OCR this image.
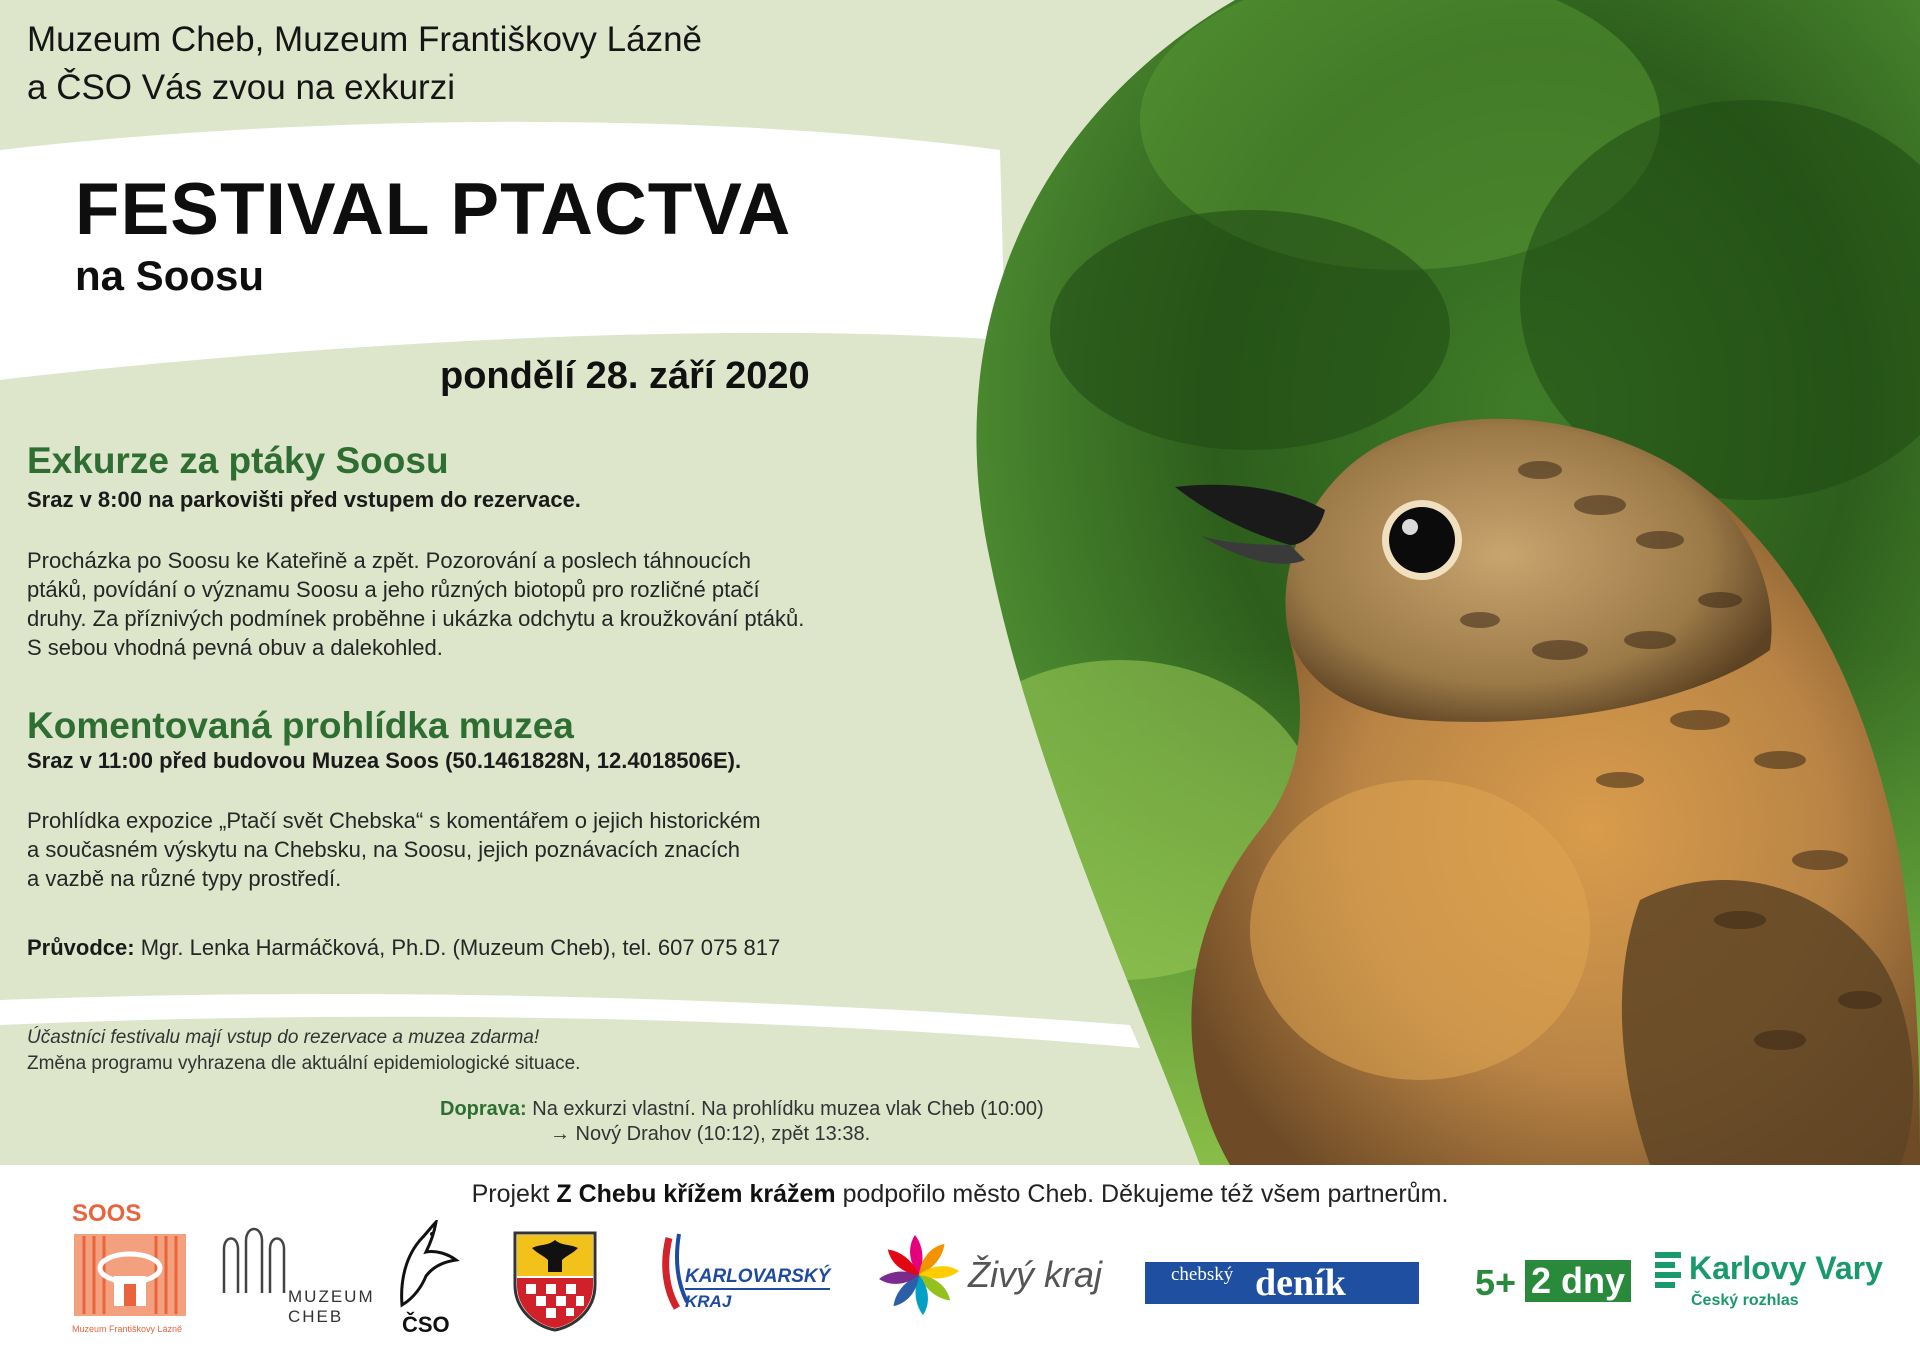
Muzeum Cheb, Muzeum Františkovy Lázně

a ČSO Vás zvou na exkurzi

FESTIVAL PTACTVA

na Soosu

pondělí 28. září 2020

Exkurze za ptáky Soosu

Sraz v 8:00 na parkovišti před vstupem do rezervace.

Procházka po Soosu ke Kateřině a zpět. Pozorování a poslech táhnoucích
ptáků, povídání o významu Soosu a jeho různých biotopů pro rozličné ptačí
druhy. Za příznivých podmínek proběhne i ukázka odchytu a kroužkování ptáků.
S sebou vhodná pevná obuv a dalekohled.

Komentovaná prohlídka muzea

Sraz v 11:00 před budovou Muzea Soos (50.1461828N, 12.4018506E).

Prohlídka expozice „Ptačí svět Chebska“ s komentářem o jejich historickém
a současném výskytu na Chebsku, na Soosu, jejich poznávacích znacích
a vazbě na různé typy prostředí.

Průvodce: Mgr. Lenka Harmáčková, Ph.D. (Muzeum Cheb), tel. 607 075 817

Účastníci festivalu mají vstup do rezervace a muzea zdarma!
Změna programu vyhrazena dle aktuální epidemiologické situace.

Doprava: Na exkurzi vlastní. Na prohlídku muzea vlak Cheb (10:00)

→ Nový Drahov (10:12), zpět 13:38.

Projekt Z Chebu křížem krážem podpořilo město Cheb. Děkujeme též všem partnerům.

SOOS

Muzeum Františkovy Lázně

MUZEUM

CHEB	ČSO

KARLOVARSKÝ

KRAJ

Živý kraj	chebský deník	5+ 2 dny Karlovy Vary

Český rozhlas
